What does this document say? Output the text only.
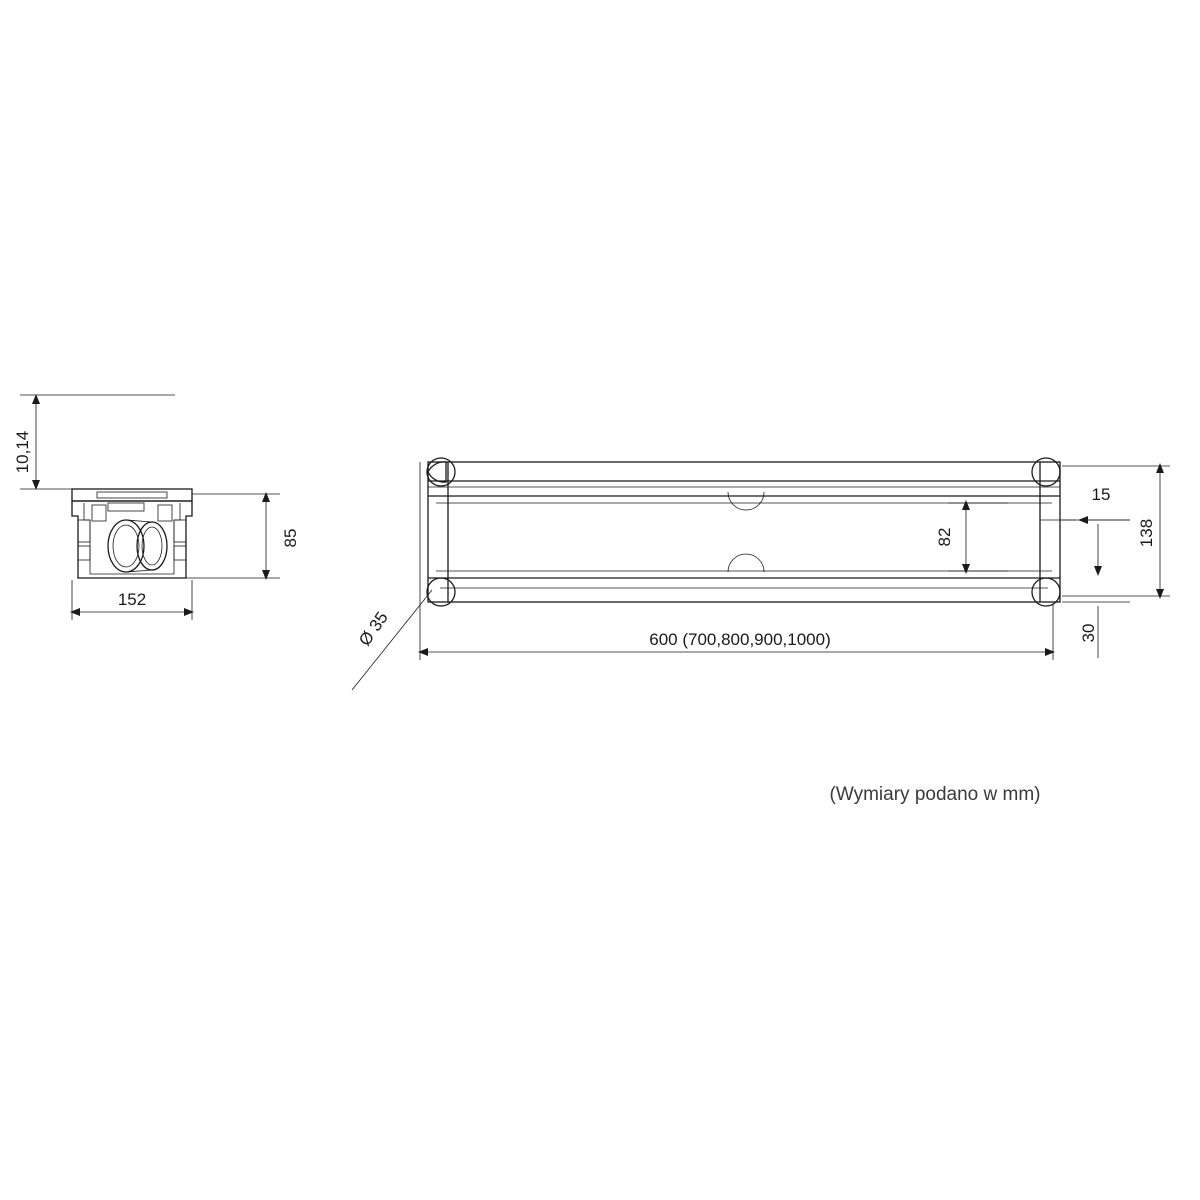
10,14
85
152
Ø 35
82
15
138
30
600 (700,800,900,1000)
(Wymiary podano w mm)
